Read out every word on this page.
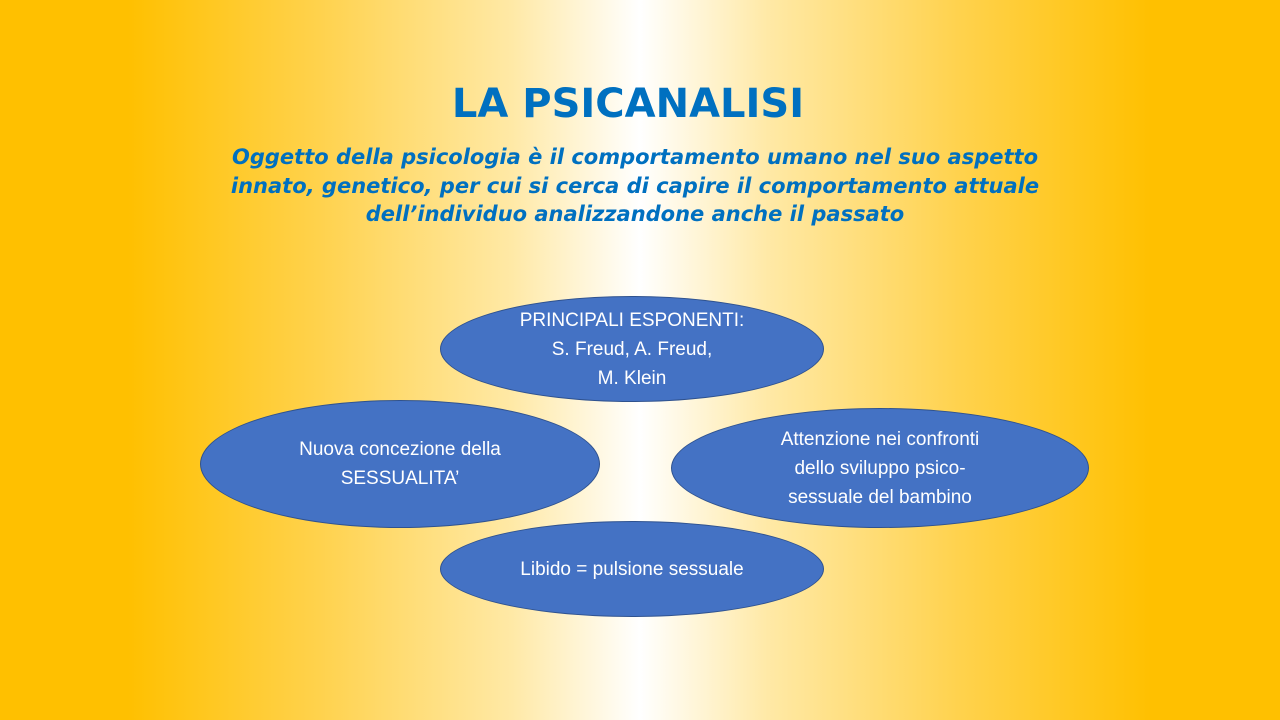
LA PSICANALISI

Oggetto della psicologia è il comportamento umano nel suo aspetto innato, genetico, per cui si cerca di capire il comportamento attuale dell’individuo analizzandone anche il passato

PRINCIPALI ESPONENTI:
S. Freud, A. Freud,
M. Klein
Nuova concezione della
SESSUALITA’
Attenzione nei confronti
dello sviluppo psico-
sessuale del bambino
Libido = pulsione sessuale
